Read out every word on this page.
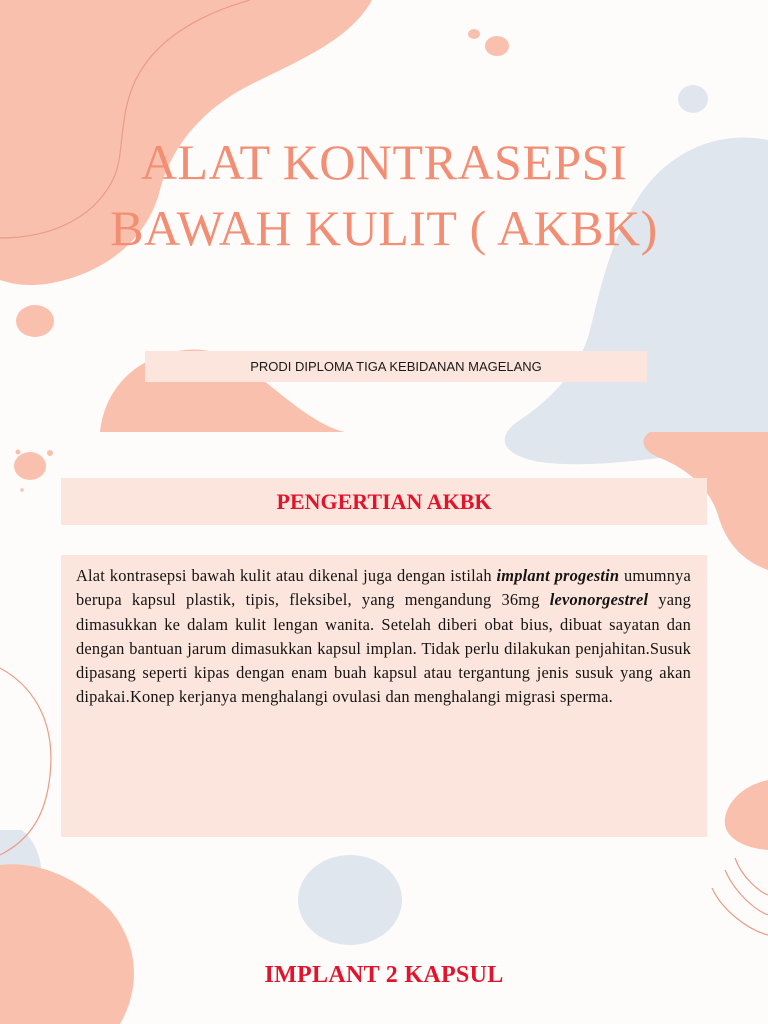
ALAT KONTRASEPSI
BAWAH KULIT ( AKBK)
PRODI DIPLOMA TIGA KEBIDANAN MAGELANG
PENGERTIAN AKBK

Alat kontrasepsi bawah kulit atau dikenal juga dengan istilah implant progestin umumnya berupa kapsul plastik, tipis, fleksibel, yang mengandung 36mg levonorgestrel yang dimasukkan ke dalam kulit lengan wanita. Setelah diberi obat bius, dibuat sayatan dan dengan bantuan jarum dimasukkan kapsul implan. Tidak perlu dilakukan penjahitan.Susuk dipasang seperti kipas dengan enam buah kapsul atau tergantung jenis susuk yang akan dipakai.Konep kerjanya menghalangi ovulasi dan menghalangi migrasi sperma.

IMPLANT 2 KAPSUL
